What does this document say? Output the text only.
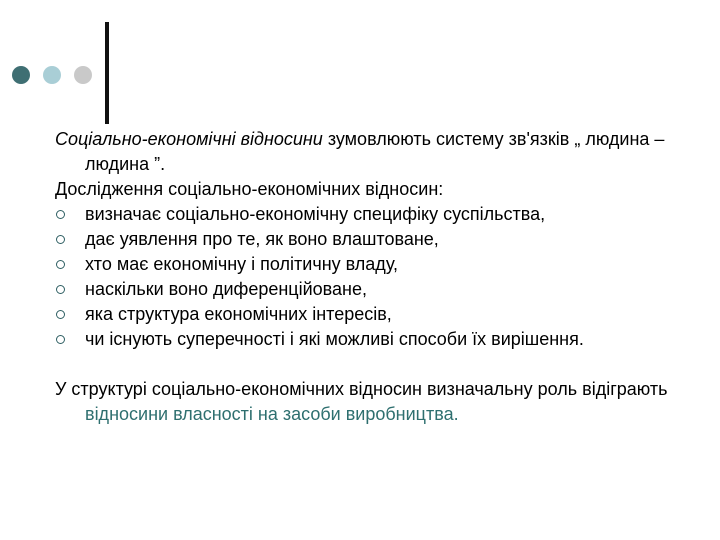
Соціально-економічні відносини зумовлюють систему зв'язків „ людина – людина ”.

Дослідження соціально-економічних відносин:

визначає соціально-економічну специфіку суспільства,
дає уявлення про те, як воно влаштоване,
хто має економічну і політичну владу,
наскільки воно диференційоване,
яка структура економічних інтересів,
чи існують суперечності і які можливі способи їх вирішення.

У структурі соціально-економічних відносин визначальну роль відіграють відносини власності на засоби виробництва.
